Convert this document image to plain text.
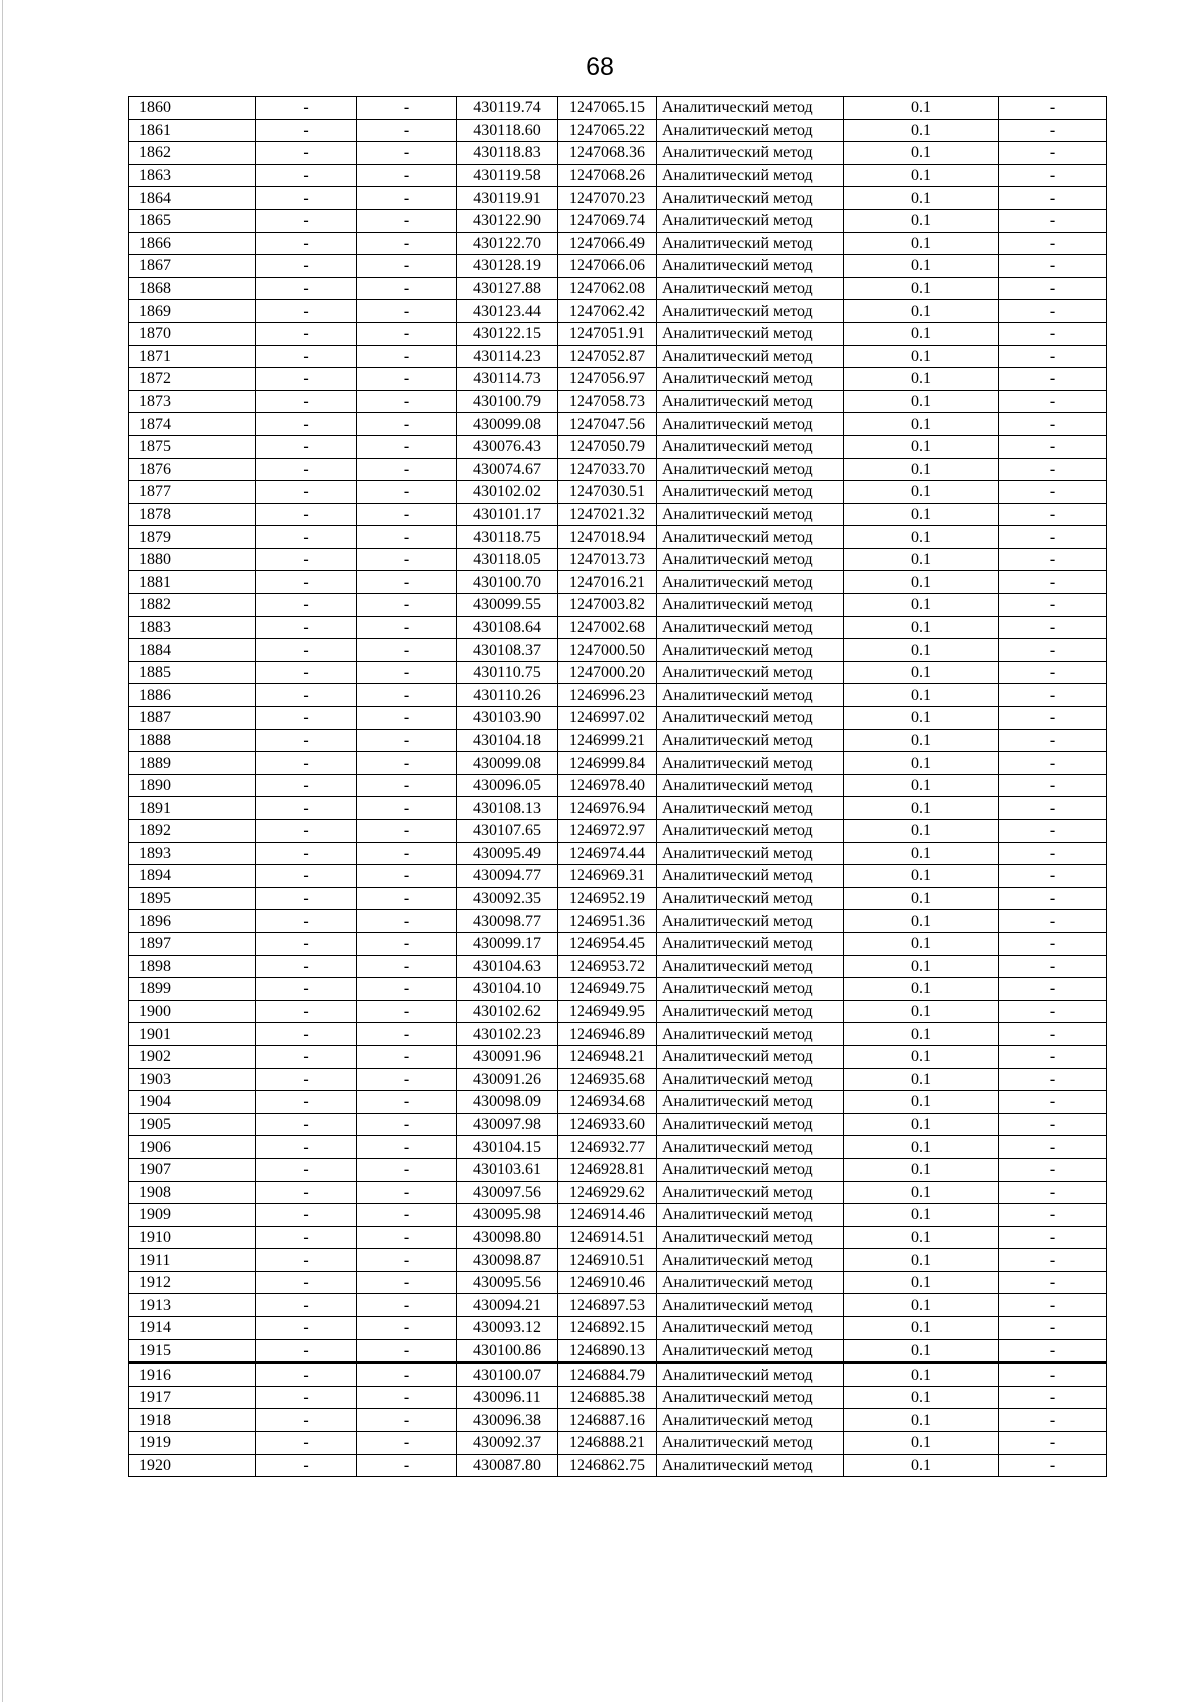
68
1860	-	-	430119.74	1247065.15	Аналитический метод	0.1	-
1861	-	-	430118.60	1247065.22	Аналитический метод	0.1	-
1862	-	-	430118.83	1247068.36	Аналитический метод	0.1	-
1863	-	-	430119.58	1247068.26	Аналитический метод	0.1	-
1864	-	-	430119.91	1247070.23	Аналитический метод	0.1	-
1865	-	-	430122.90	1247069.74	Аналитический метод	0.1	-
1866	-	-	430122.70	1247066.49	Аналитический метод	0.1	-
1867	-	-	430128.19	1247066.06	Аналитический метод	0.1	-
1868	-	-	430127.88	1247062.08	Аналитический метод	0.1	-
1869	-	-	430123.44	1247062.42	Аналитический метод	0.1	-
1870	-	-	430122.15	1247051.91	Аналитический метод	0.1	-
1871	-	-	430114.23	1247052.87	Аналитический метод	0.1	-
1872	-	-	430114.73	1247056.97	Аналитический метод	0.1	-
1873	-	-	430100.79	1247058.73	Аналитический метод	0.1	-
1874	-	-	430099.08	1247047.56	Аналитический метод	0.1	-
1875	-	-	430076.43	1247050.79	Аналитический метод	0.1	-
1876	-	-	430074.67	1247033.70	Аналитический метод	0.1	-
1877	-	-	430102.02	1247030.51	Аналитический метод	0.1	-
1878	-	-	430101.17	1247021.32	Аналитический метод	0.1	-
1879	-	-	430118.75	1247018.94	Аналитический метод	0.1	-
1880	-	-	430118.05	1247013.73	Аналитический метод	0.1	-
1881	-	-	430100.70	1247016.21	Аналитический метод	0.1	-
1882	-	-	430099.55	1247003.82	Аналитический метод	0.1	-
1883	-	-	430108.64	1247002.68	Аналитический метод	0.1	-
1884	-	-	430108.37	1247000.50	Аналитический метод	0.1	-
1885	-	-	430110.75	1247000.20	Аналитический метод	0.1	-
1886	-	-	430110.26	1246996.23	Аналитический метод	0.1	-
1887	-	-	430103.90	1246997.02	Аналитический метод	0.1	-
1888	-	-	430104.18	1246999.21	Аналитический метод	0.1	-
1889	-	-	430099.08	1246999.84	Аналитический метод	0.1	-
1890	-	-	430096.05	1246978.40	Аналитический метод	0.1	-
1891	-	-	430108.13	1246976.94	Аналитический метод	0.1	-
1892	-	-	430107.65	1246972.97	Аналитический метод	0.1	-
1893	-	-	430095.49	1246974.44	Аналитический метод	0.1	-
1894	-	-	430094.77	1246969.31	Аналитический метод	0.1	-
1895	-	-	430092.35	1246952.19	Аналитический метод	0.1	-
1896	-	-	430098.77	1246951.36	Аналитический метод	0.1	-
1897	-	-	430099.17	1246954.45	Аналитический метод	0.1	-
1898	-	-	430104.63	1246953.72	Аналитический метод	0.1	-
1899	-	-	430104.10	1246949.75	Аналитический метод	0.1	-
1900	-	-	430102.62	1246949.95	Аналитический метод	0.1	-
1901	-	-	430102.23	1246946.89	Аналитический метод	0.1	-
1902	-	-	430091.96	1246948.21	Аналитический метод	0.1	-
1903	-	-	430091.26	1246935.68	Аналитический метод	0.1	-
1904	-	-	430098.09	1246934.68	Аналитический метод	0.1	-
1905	-	-	430097.98	1246933.60	Аналитический метод	0.1	-
1906	-	-	430104.15	1246932.77	Аналитический метод	0.1	-
1907	-	-	430103.61	1246928.81	Аналитический метод	0.1	-
1908	-	-	430097.56	1246929.62	Аналитический метод	0.1	-
1909	-	-	430095.98	1246914.46	Аналитический метод	0.1	-
1910	-	-	430098.80	1246914.51	Аналитический метод	0.1	-
1911	-	-	430098.87	1246910.51	Аналитический метод	0.1	-
1912	-	-	430095.56	1246910.46	Аналитический метод	0.1	-
1913	-	-	430094.21	1246897.53	Аналитический метод	0.1	-
1914	-	-	430093.12	1246892.15	Аналитический метод	0.1	-
1915	-	-	430100.86	1246890.13	Аналитический метод	0.1	-
1916	-	-	430100.07	1246884.79	Аналитический метод	0.1	-
1917	-	-	430096.11	1246885.38	Аналитический метод	0.1	-
1918	-	-	430096.38	1246887.16	Аналитический метод	0.1	-
1919	-	-	430092.37	1246888.21	Аналитический метод	0.1	-
1920	-	-	430087.80	1246862.75	Аналитический метод	0.1	-
